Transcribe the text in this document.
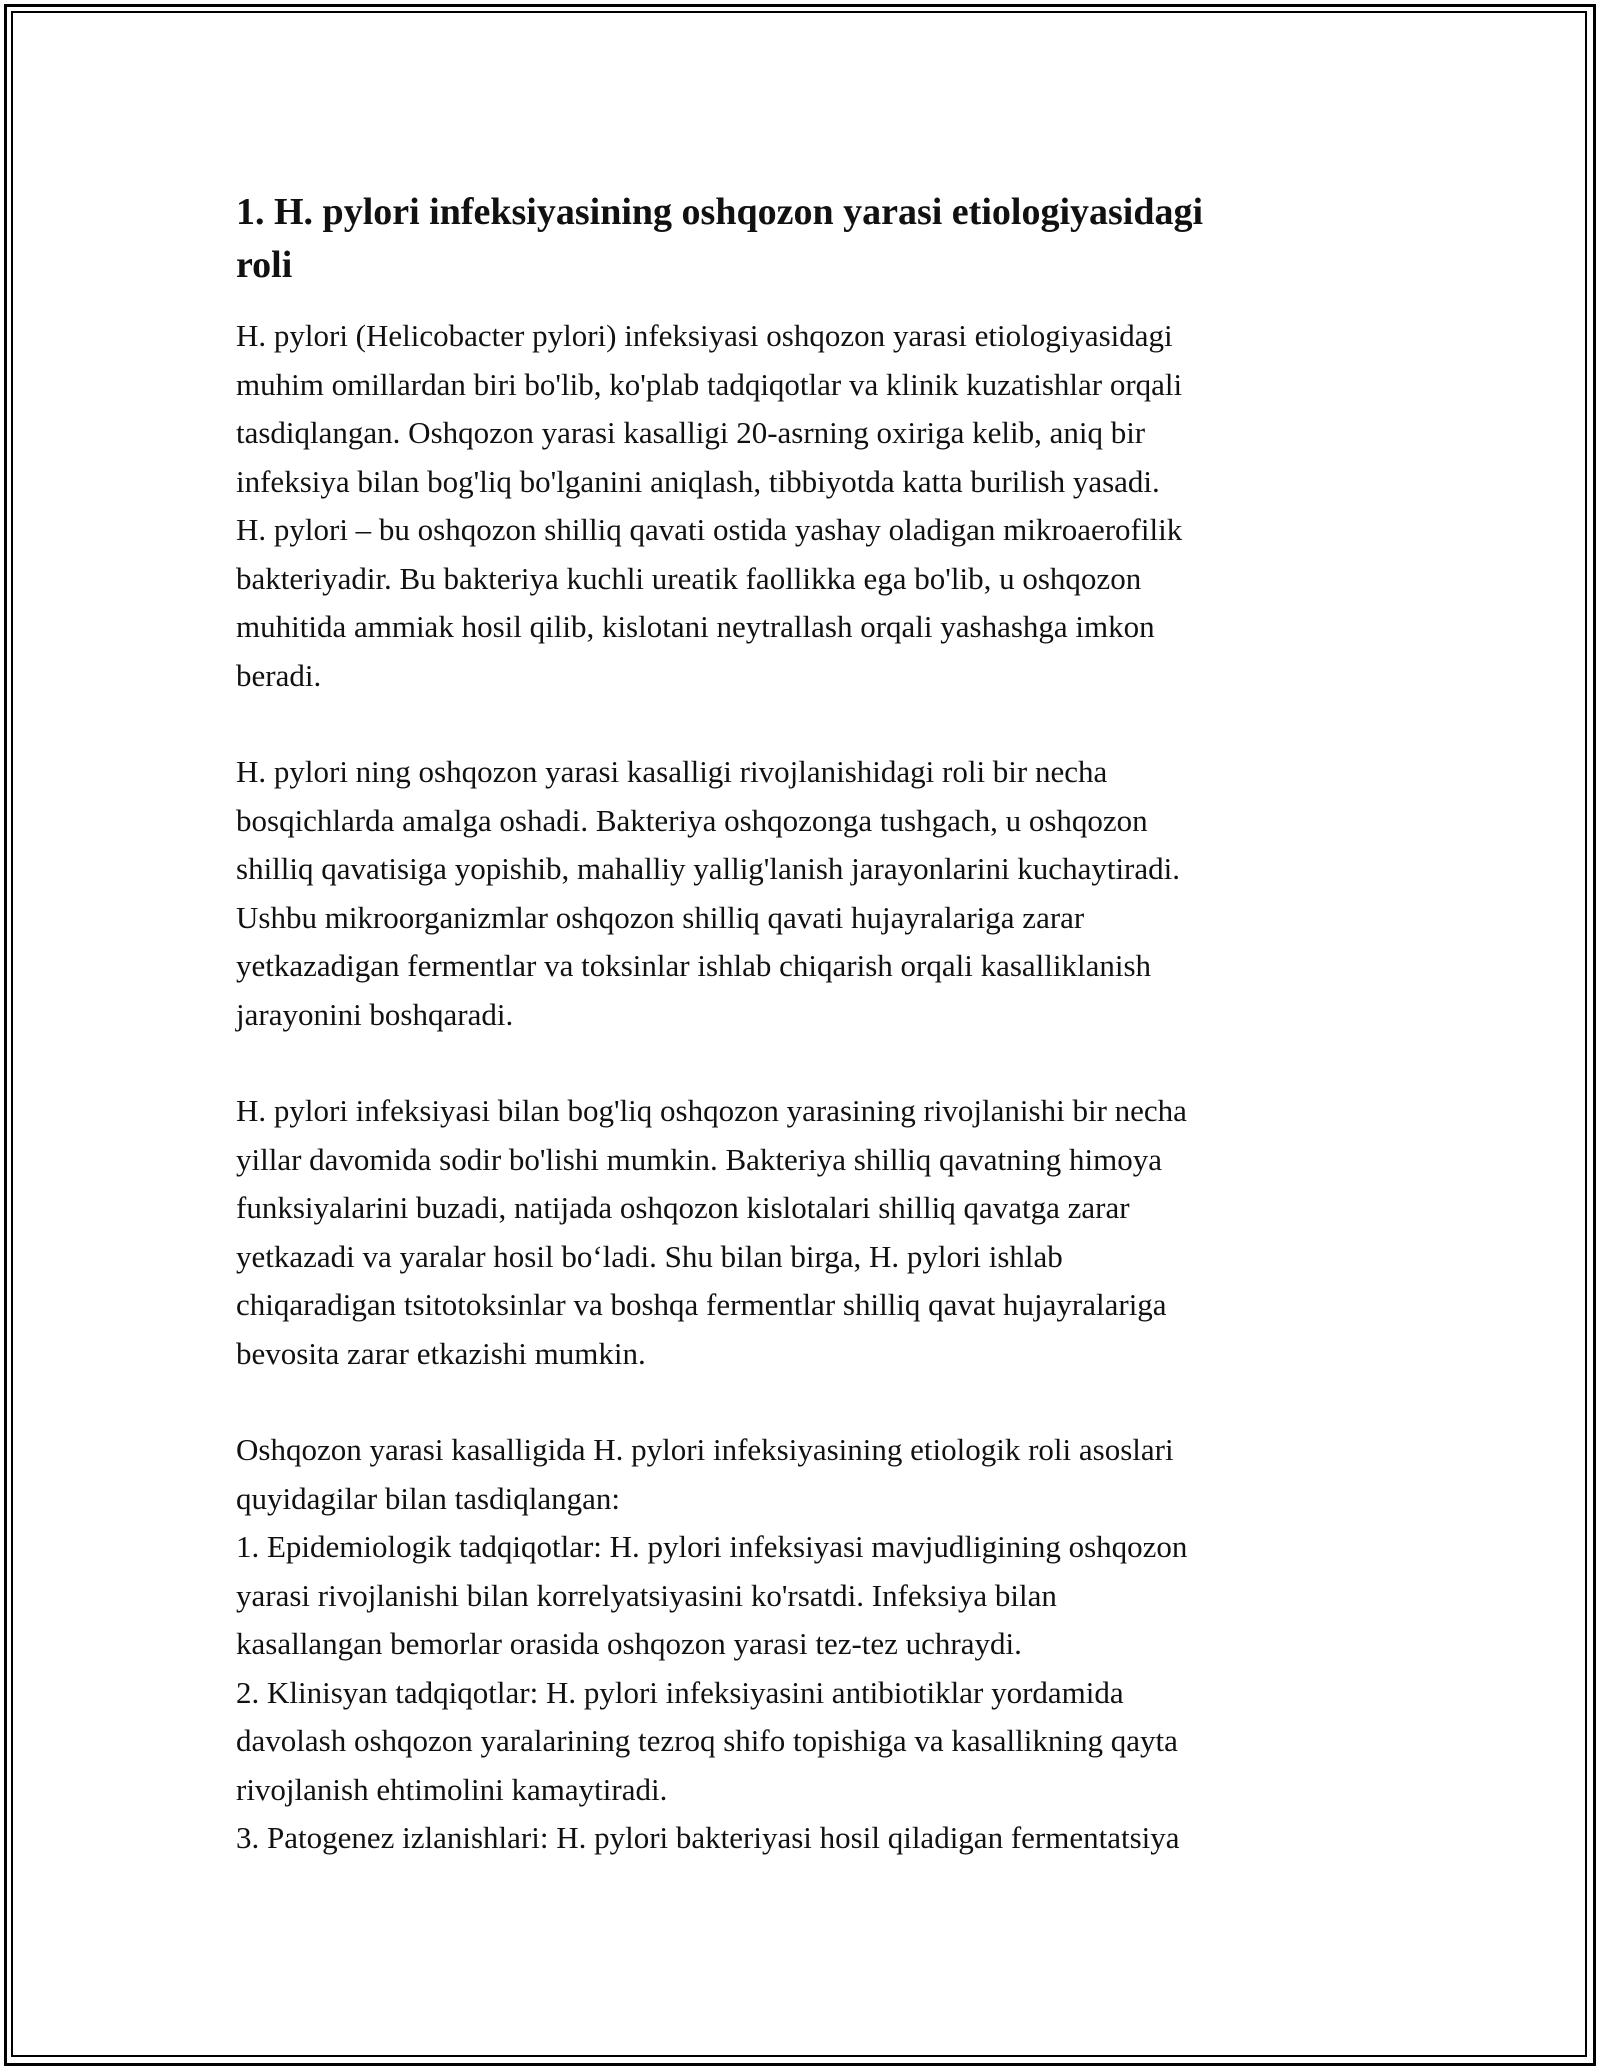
1. H. pylori infeksiyasining oshqozon yarasi etiologiyasidagi
roli

H. pylori (Helicobacter pylori) infeksiyasi oshqozon yarasi etiologiyasidagi
muhim omillardan biri bo'lib, ko'plab tadqiqotlar va klinik kuzatishlar orqali
tasdiqlangan. Oshqozon yarasi kasalligi 20-asrning oxiriga kelib, aniq bir
infeksiya bilan bog'liq bo'lganini aniqlash, tibbiyotda katta burilish yasadi.
H. pylori – bu oshqozon shilliq qavati ostida yashay oladigan mikroaerofilik
bakteriyadir. Bu bakteriya kuchli ureatik faollikka ega bo'lib, u oshqozon
muhitida ammiak hosil qilib, kislotani neytrallash orqali yashashga imkon
beradi.

H. pylori ning oshqozon yarasi kasalligi rivojlanishidagi roli bir necha
bosqichlarda amalga oshadi. Bakteriya oshqozonga tushgach, u oshqozon
shilliq qavatisiga yopishib, mahalliy yallig'lanish jarayonlarini kuchaytiradi.
Ushbu mikroorganizmlar oshqozon shilliq qavati hujayralariga zarar
yetkazadigan fermentlar va toksinlar ishlab chiqarish orqali kasalliklanish
jarayonini boshqaradi.

H. pylori infeksiyasi bilan bog'liq oshqozon yarasining rivojlanishi bir necha
yillar davomida sodir bo'lishi mumkin. Bakteriya shilliq qavatning himoya
funksiyalarini buzadi, natijada oshqozon kislotalari shilliq qavatga zarar
yetkazadi va yaralar hosil bo‘ladi. Shu bilan birga, H. pylori ishlab
chiqaradigan tsitotoksinlar va boshqa fermentlar shilliq qavat hujayralariga
bevosita zarar etkazishi mumkin.

Oshqozon yarasi kasalligida H. pylori infeksiyasining etiologik roli asoslari
quyidagilar bilan tasdiqlangan:
1. Epidemiologik tadqiqotlar: H. pylori infeksiyasi mavjudligining oshqozon
yarasi rivojlanishi bilan korrelyatsiyasini ko'rsatdi. Infeksiya bilan
kasallangan bemorlar orasida oshqozon yarasi tez-tez uchraydi.
2. Klinisyan tadqiqotlar: H. pylori infeksiyasini antibiotiklar yordamida
davolash oshqozon yaralarining tezroq shifo topishiga va kasallikning qayta
rivojlanish ehtimolini kamaytiradi.
3. Patogenez izlanishlari: H. pylori bakteriyasi hosil qiladigan fermentatsiya
